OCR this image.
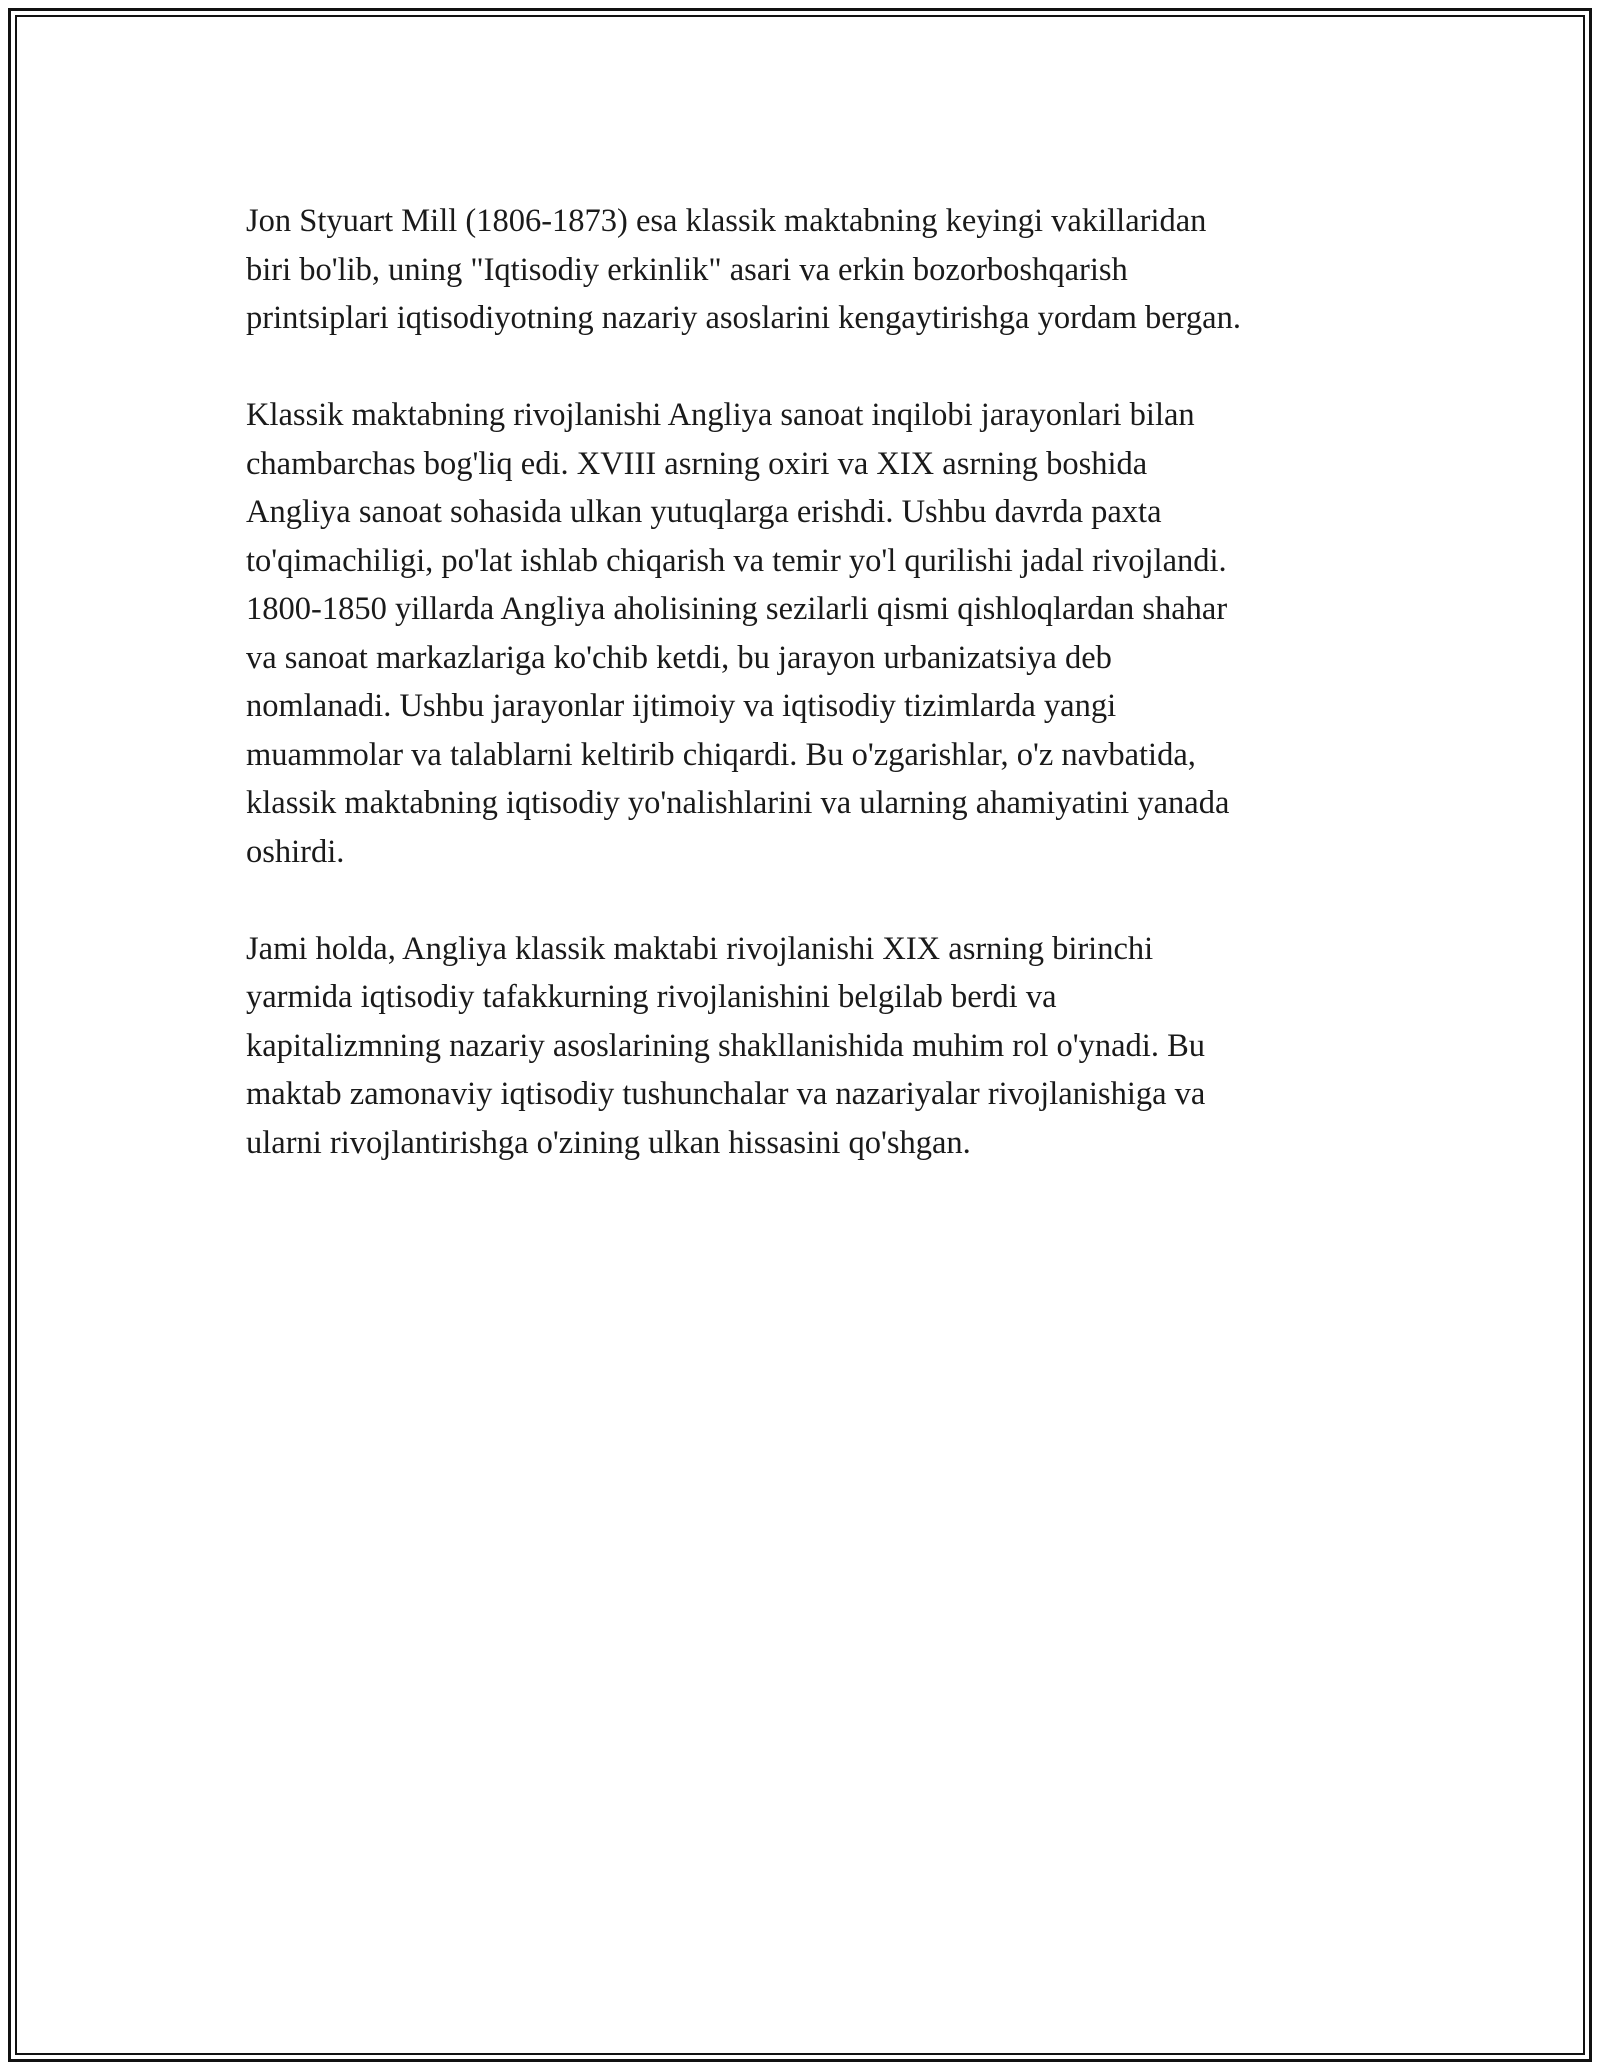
Jon Styuart Mill (1806-1873) esa klassik maktabning keyingi vakillaridan
biri bo'lib, uning "Iqtisodiy erkinlik" asari va erkin bozorboshqarish
printsiplari iqtisodiyotning nazariy asoslarini kengaytirishga yordam bergan.

Klassik maktabning rivojlanishi Angliya sanoat inqilobi jarayonlari bilan
chambarchas bog'liq edi. XVIII asrning oxiri va XIX asrning boshida
Angliya sanoat sohasida ulkan yutuqlarga erishdi. Ushbu davrda paxta
to'qimachiligi, po'lat ishlab chiqarish va temir yo'l qurilishi jadal rivojlandi.
1800-1850 yillarda Angliya aholisining sezilarli qismi qishloqlardan shahar
va sanoat markazlariga ko'chib ketdi, bu jarayon urbanizatsiya deb
nomlanadi. Ushbu jarayonlar ijtimoiy va iqtisodiy tizimlarda yangi
muammolar va talablarni keltirib chiqardi. Bu o'zgarishlar, o'z navbatida,
klassik maktabning iqtisodiy yo'nalishlarini va ularning ahamiyatini yanada
oshirdi.

Jami holda, Angliya klassik maktabi rivojlanishi XIX asrning birinchi
yarmida iqtisodiy tafakkurning rivojlanishini belgilab berdi va
kapitalizmning nazariy asoslarining shakllanishida muhim rol o'ynadi. Bu
maktab zamonaviy iqtisodiy tushunchalar va nazariyalar rivojlanishiga va
ularni rivojlantirishga o'zining ulkan hissasini qo'shgan.
